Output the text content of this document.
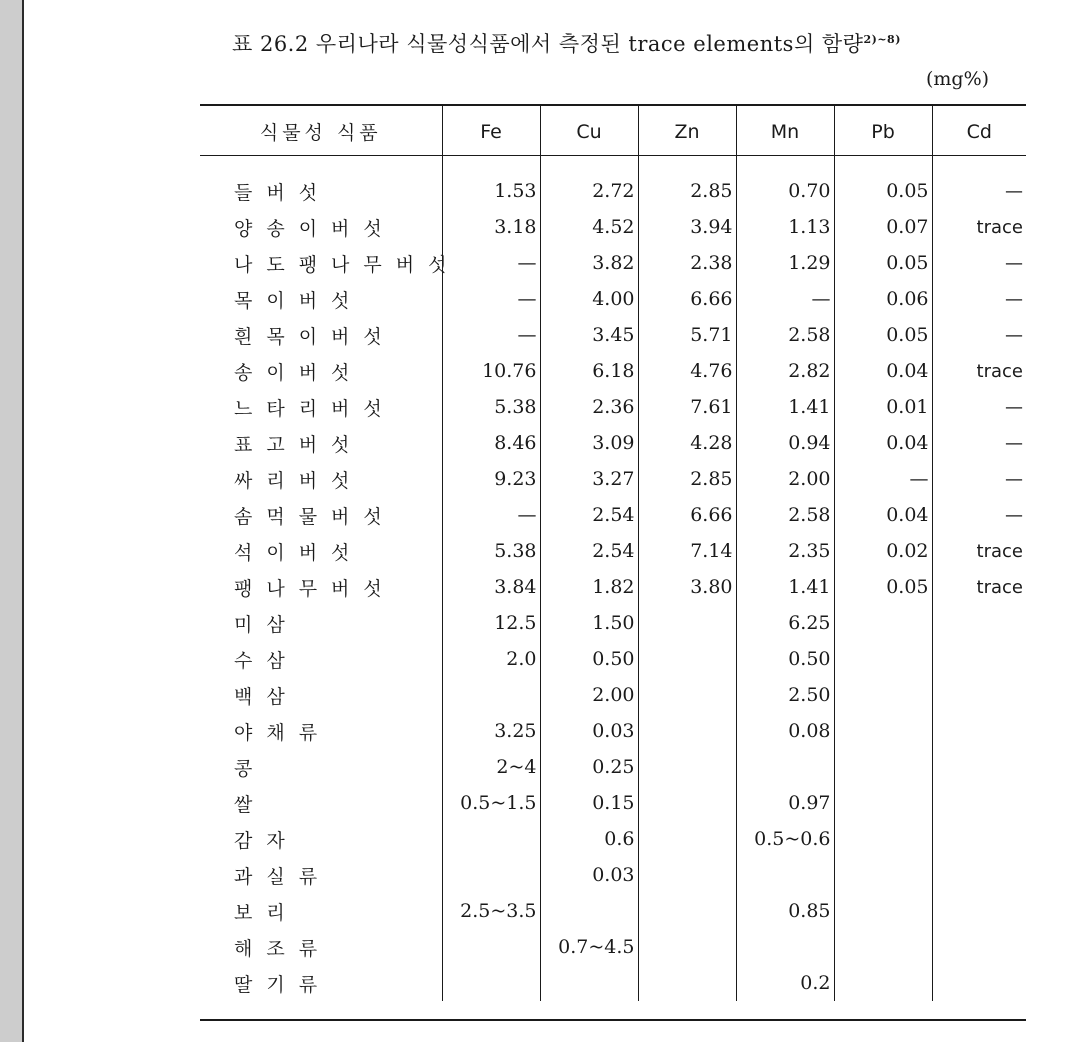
표 26.2 우리나라 식물성식품에서 측정된 trace elements의 함량$^{2)\sim 8)}$
(mg%)
식물성 식품	Fe	Cu	Zn	Mn	Pb	Cd
들버섯	1.53	2.72	2.85	0.70	0.05	—
양송이버섯	3.18	4.52	3.94	1.13	0.07	trace
나도팽나무버섯	—	3.82	2.38	1.29	0.05	—
목이버섯	—	4.00	6.66	—	0.06	—
흰목이버섯	—	3.45	5.71	2.58	0.05	—
송이버섯	10.76	6.18	4.76	2.82	0.04	trace
느타리버섯	5.38	2.36	7.61	1.41	0.01	—
표고버섯	8.46	3.09	4.28	0.94	0.04	—
싸리버섯	9.23	3.27	2.85	2.00	—	—
솜먹물버섯	—	2.54	6.66	2.58	0.04	—
석이버섯	5.38	2.54	7.14	2.35	0.02	trace
팽나무버섯	3.84	1.82	3.80	1.41	0.05	trace
미삼	12.5	1.50		6.25		
수삼	2.0	0.50		0.50		
백삼		2.00		2.50		
야채류	3.25	0.03		0.08		
콩	2~4	0.25				
쌀	0.5~1.5	0.15		0.97		
감자		0.6		0.5~0.6		
과실류		0.03				
보리	2.5~3.5			0.85		
해조류		0.7~4.5				
딸기류				0.2		
